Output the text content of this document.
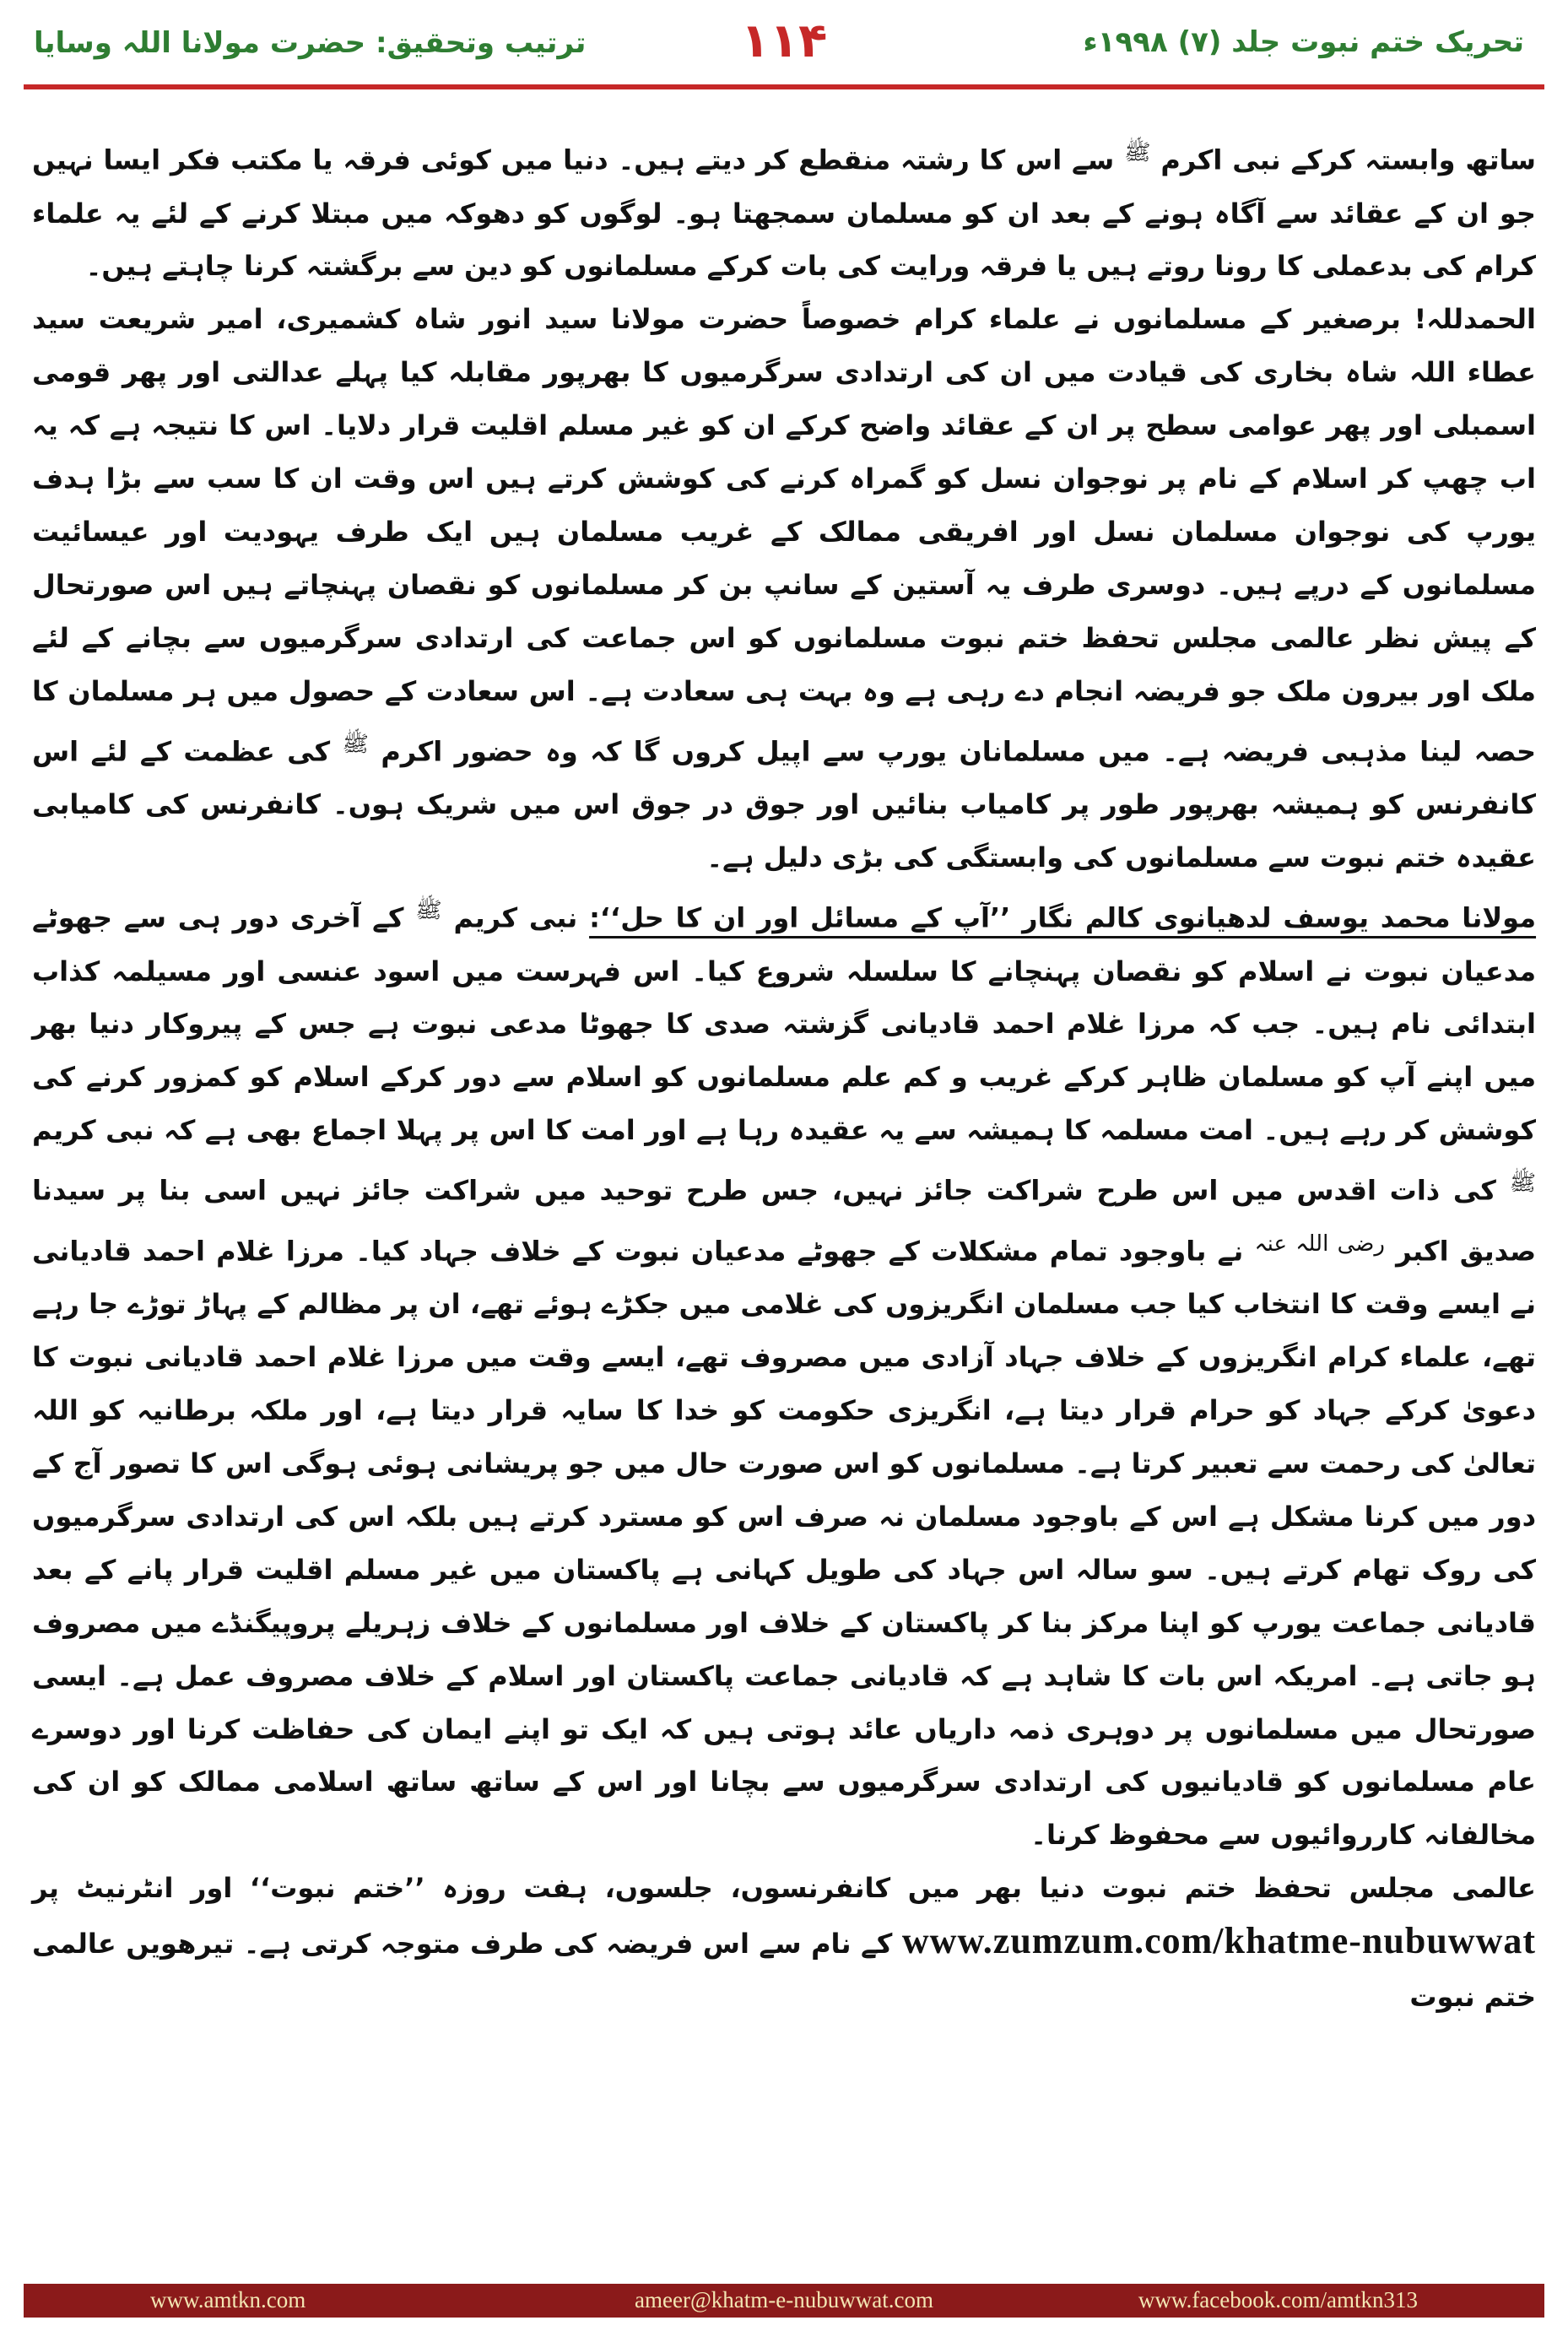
تحریک ختم نبوت جلد (۷) ۱۹۹۸ء
۱۱۴
ترتیب وتحقیق: حضرت مولانا اللہ وسایا

ساتھ وابستہ کرکے نبی اکرم $^ﷺ$ سے اس کا رشتہ منقطع کر دیتے ہیں۔ دنیا میں کوئی فرقہ یا مکتب فکر ایسا نہیں جو ان کے عقائد سے آگاہ ہونے کے بعد ان کو مسلمان سمجھتا ہو۔ لوگوں کو دھوکہ میں مبتلا کرنے کے لئے یہ علماء کرام کی بدعملی کا رونا روتے ہیں یا فرقہ ورایت کی بات کرکے مسلمانوں کو دین سے برگشتہ کرنا چاہتے ہیں۔

الحمدللہ! برصغیر کے مسلمانوں نے علماء کرام خصوصاً حضرت مولانا سید انور شاہ کشمیری، امیر شریعت سید عطاء اللہ شاہ بخاری کی قیادت میں ان کی ارتدادی سرگرمیوں کا بھرپور مقابلہ کیا پہلے عدالتی اور پھر قومی اسمبلی اور پھر عوامی سطح پر ان کے عقائد واضح کرکے ان کو غیر مسلم اقلیت قرار دلایا۔ اس کا نتیجہ ہے کہ یہ اب چھپ کر اسلام کے نام پر نوجوان نسل کو گمراہ کرنے کی کوشش کرتے ہیں اس وقت ان کا سب سے بڑا ہدف یورپ کی نوجوان مسلمان نسل اور افریقی ممالک کے غریب مسلمان ہیں ایک طرف یہودیت اور عیسائیت مسلمانوں کے درپے ہیں۔ دوسری طرف یہ آستین کے سانپ بن کر مسلمانوں کو نقصان پہنچاتے ہیں اس صورتحال کے پیش نظر عالمی مجلس تحفظ ختم نبوت مسلمانوں کو اس جماعت کی ارتدادی سرگرمیوں سے بچانے کے لئے ملک اور بیرون ملک جو فریضہ انجام دے رہی ہے وہ بہت ہی سعادت ہے۔ اس سعادت کے حصول میں ہر مسلمان کا حصہ لینا مذہبی فریضہ ہے۔ میں مسلمانان یورپ سے اپیل کروں گا کہ وہ حضور اکرم $^ﷺ$ کی عظمت کے لئے اس کانفرنس کو ہمیشہ بھرپور طور پر کامیاب بنائیں اور جوق در جوق اس میں شریک ہوں۔ کانفرنس کی کامیابی عقیدہ ختم نبوت سے مسلمانوں کی وابستگی کی بڑی دلیل ہے۔

مولانا محمد یوسف لدھیانوی کالم نگار ’’آپ کے مسائل اور ان کا حل‘‘: نبی کریم $^ﷺ$ کے آخری دور ہی سے جھوٹے مدعیان نبوت نے اسلام کو نقصان پہنچانے کا سلسلہ شروع کیا۔ اس فہرست میں اسود عنسی اور مسیلمہ کذاب ابتدائی نام ہیں۔ جب کہ مرزا غلام احمد قادیانی گزشتہ صدی کا جھوٹا مدعی نبوت ہے جس کے پیروکار دنیا بھر میں اپنے آپ کو مسلمان ظاہر کرکے غریب و کم علم مسلمانوں کو اسلام سے دور کرکے اسلام کو کمزور کرنے کی کوشش کر رہے ہیں۔ امت مسلمہ کا ہمیشہ سے یہ عقیدہ رہا ہے اور امت کا اس پر پہلا اجماع بھی ہے کہ نبی کریم $^ﷺ$ کی ذات اقدس میں اس طرح شراکت جائز نہیں، جس طرح توحید میں شراکت جائز نہیں اسی بنا پر سیدنا صدیق اکبر $^{رضی اللہ عنہ}$ نے باوجود تمام مشکلات کے جھوٹے مدعیان نبوت کے خلاف جہاد کیا۔ مرزا غلام احمد قادیانی نے ایسے وقت کا انتخاب کیا جب مسلمان انگریزوں کی غلامی میں جکڑے ہوئے تھے، ان پر مظالم کے پہاڑ توڑے جا رہے تھے، علماء کرام انگریزوں کے خلاف جہاد آزادی میں مصروف تھے، ایسے وقت میں مرزا غلام احمد قادیانی نبوت کا دعویٰ کرکے جہاد کو حرام قرار دیتا ہے، انگریزی حکومت کو خدا کا سایہ قرار دیتا ہے، اور ملکہ برطانیہ کو اللہ تعالیٰ کی رحمت سے تعبیر کرتا ہے۔ مسلمانوں کو اس صورت حال میں جو پریشانی ہوئی ہوگی اس کا تصور آج کے دور میں کرنا مشکل ہے اس کے باوجود مسلمان نہ صرف اس کو مسترد کرتے ہیں بلکہ اس کی ارتدادی سرگرمیوں کی روک تھام کرتے ہیں۔ سو سالہ اس جہاد کی طویل کہانی ہے پاکستان میں غیر مسلم اقلیت قرار پانے کے بعد قادیانی جماعت یورپ کو اپنا مرکز بنا کر پاکستان کے خلاف اور مسلمانوں کے خلاف زہریلے پروپیگنڈے میں مصروف ہو جاتی ہے۔ امریکہ اس بات کا شاہد ہے کہ قادیانی جماعت پاکستان اور اسلام کے خلاف مصروف عمل ہے۔ ایسی صورتحال میں مسلمانوں پر دوہری ذمہ داریاں عائد ہوتی ہیں کہ ایک تو اپنے ایمان کی حفاظت کرنا اور دوسرے عام مسلمانوں کو قادیانیوں کی ارتدادی سرگرمیوں سے بچانا اور اس کے ساتھ ساتھ اسلامی ممالک کو ان کی مخالفانہ کارروائیوں سے محفوظ کرنا۔

عالمی مجلس تحفظ ختم نبوت دنیا بھر میں کانفرنسوں، جلسوں، ہفت روزہ ’’ختم نبوت‘‘ اور انٹرنیٹ پر www.zumzum.com/khatme-nubuwwat کے نام سے اس فریضہ کی طرف متوجہ کرتی ہے۔ تیرھویں عالمی ختم نبوت

www.amtkn.com	ameer@khatm-e-nubuwwat.com	www.facebook.com/amtkn313
